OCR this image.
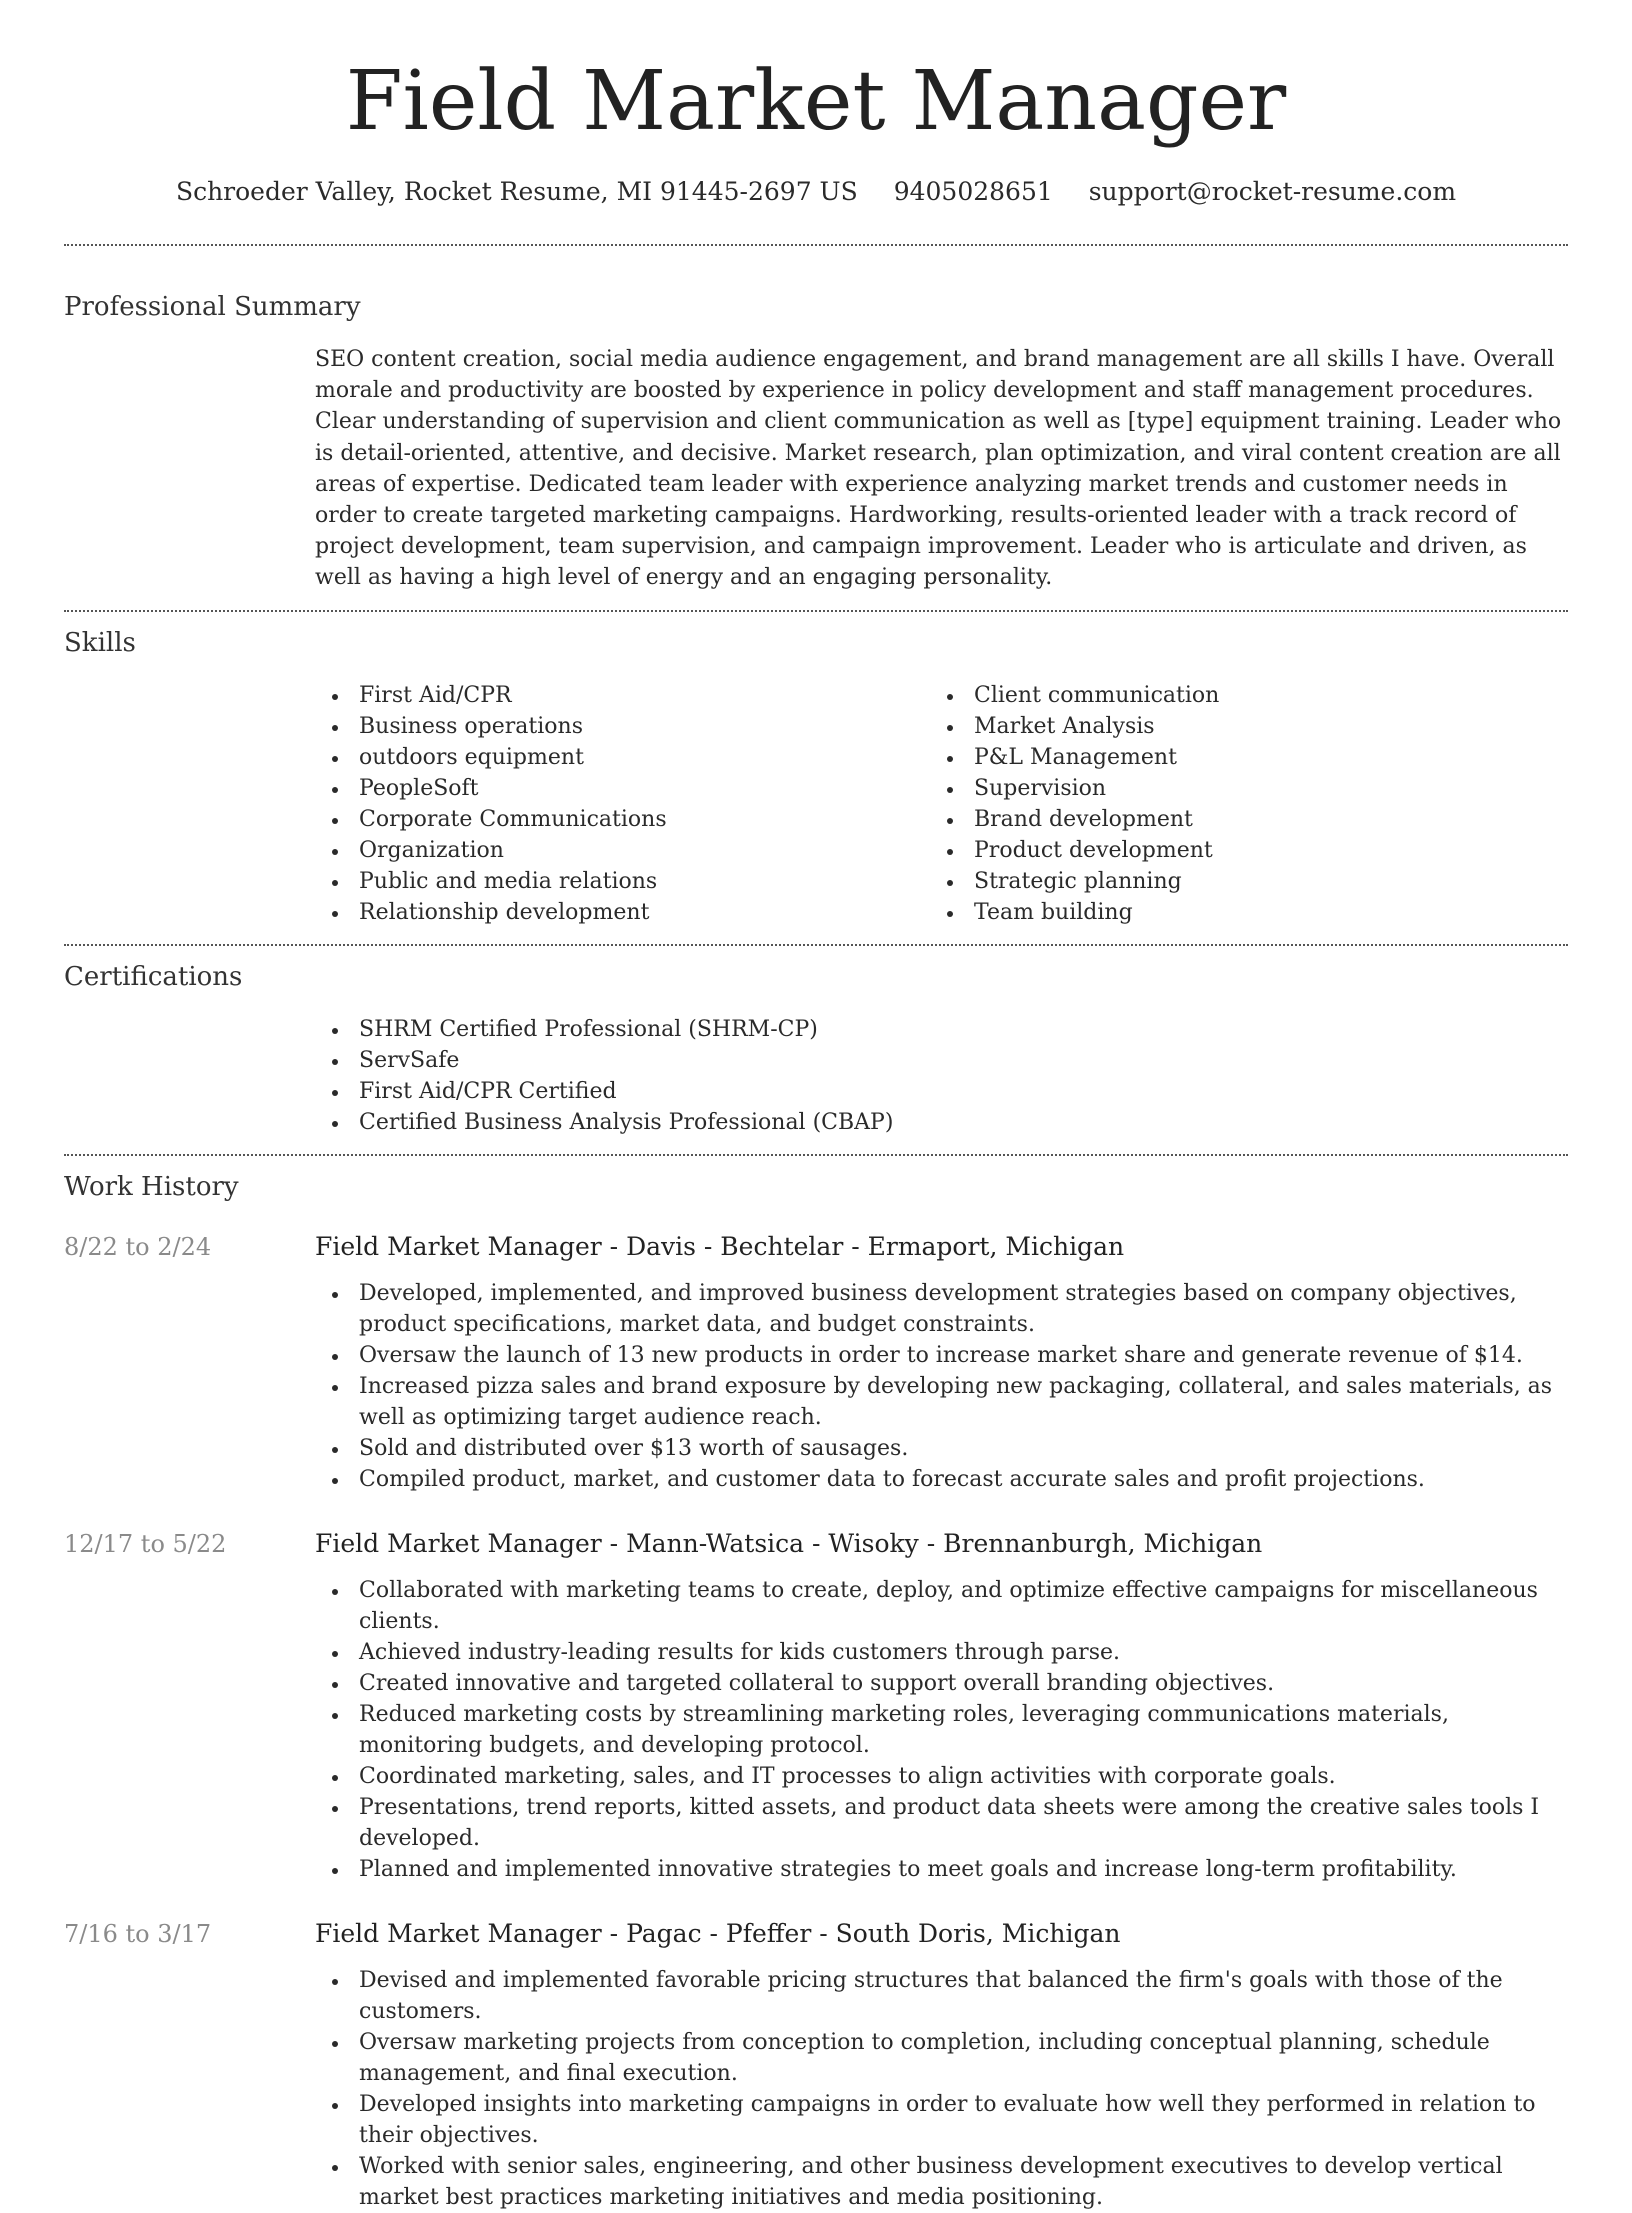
Field Market Manager
Schroeder Valley, Rocket Resume, MI 91445-2697 US 9405028651 support@rocket-resume.com
Professional Summary
SEO content creation, social media audience engagement, and brand management are all skills I have. Overall morale and productivity are boosted by experience in policy development and staff management procedures. Clear understanding of supervision and client communication as well as [type] equipment training. Leader who is detail-oriented, attentive, and decisive. Market research, plan optimization, and viral content creation are all areas of expertise. Dedicated team leader with experience analyzing market trends and customer needs in order to create targeted marketing campaigns. Hardworking, results-oriented leader with a track record of project development, team supervision, and campaign improvement. Leader who is articulate and driven, as well as having a high level of energy and an engaging personality.
Skills
First Aid/CPR
Business operations
outdoors equipment
PeopleSoft
Corporate Communications
Organization
Public and media relations
Relationship development
Client communication
Market Analysis
P&L Management
Supervision
Brand development
Product development
Strategic planning
Team building
Certifications
SHRM Certified Professional (SHRM-CP)
ServSafe
First Aid/CPR Certified
Certified Business Analysis Professional (CBAP)
Work History
8/22 to 2/24	Field Market Manager - Davis - Bechtelar - Ermaport, Michigan
Developed, implemented, and improved business development strategies based on company objectives, product specifications, market data, and budget constraints.
Oversaw the launch of 13 new products in order to increase market share and generate revenue of $14.
Increased pizza sales and brand exposure by developing new packaging, collateral, and sales materials, as well as optimizing target audience reach.
Sold and distributed over $13 worth of sausages.
Compiled product, market, and customer data to forecast accurate sales and profit projections.
12/17 to 5/22	Field Market Manager - Mann-Watsica - Wisoky - Brennanburgh, Michigan
Collaborated with marketing teams to create, deploy, and optimize effective campaigns for miscellaneous clients.
Achieved industry-leading results for kids customers through parse.
Created innovative and targeted collateral to support overall branding objectives.
Reduced marketing costs by streamlining marketing roles, leveraging communications materials, monitoring budgets, and developing protocol.
Coordinated marketing, sales, and IT processes to align activities with corporate goals.
Presentations, trend reports, kitted assets, and product data sheets were among the creative sales tools I developed.
Planned and implemented innovative strategies to meet goals and increase long-term profitability.
7/16 to 3/17	Field Market Manager - Pagac - Pfeffer - South Doris, Michigan
Devised and implemented favorable pricing structures that balanced the firm's goals with those of the customers.
Oversaw marketing projects from conception to completion, including conceptual planning, schedule management, and final execution.
Developed insights into marketing campaigns in order to evaluate how well they performed in relation to their objectives.
Worked with senior sales, engineering, and other business development executives to develop vertical market best practices marketing initiatives and media positioning.
